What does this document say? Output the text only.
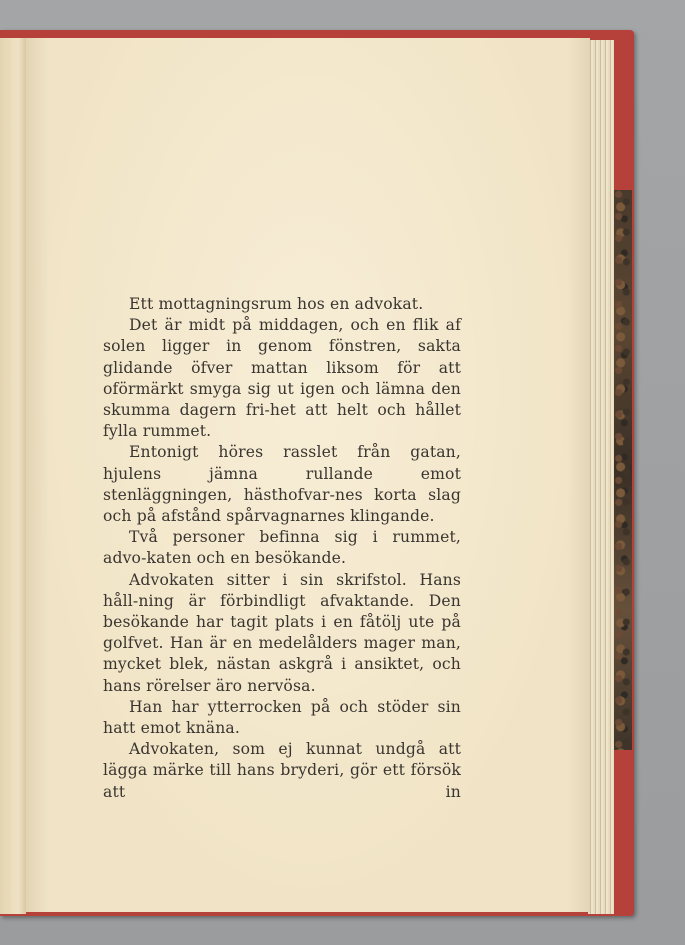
Ett mottagningsrum hos en advokat.

Det är midt på middagen, och en flik af solen ligger in genom fönstren, sakta glidande öfver mattan liksom för att oförmärkt smyga sig ut igen och lämna den skumma dagern fri-het att helt och hållet fylla rummet.

Entonigt höres rasslet från gatan, hjulens jämna rullande emot stenläggningen, hästhofvar-nes korta slag och på afstånd spårvagnarnes klingande.

Två personer befinna sig i rummet, advo-katen och en besökande.

Advokaten sitter i sin skrifstol. Hans håll-ning är förbindligt afvaktande. Den besökande har tagit plats i en fåtölj ute på golfvet. Han är en medelålders mager man, mycket blek, nästan askgrå i ansiktet, och hans rörelser äro nervösa.

Han har ytterrocken på och stöder sin hatt emot knäna.

Advokaten, som ej kunnat undgå att lägga märke till hans bryderi, gör ett försök att in
